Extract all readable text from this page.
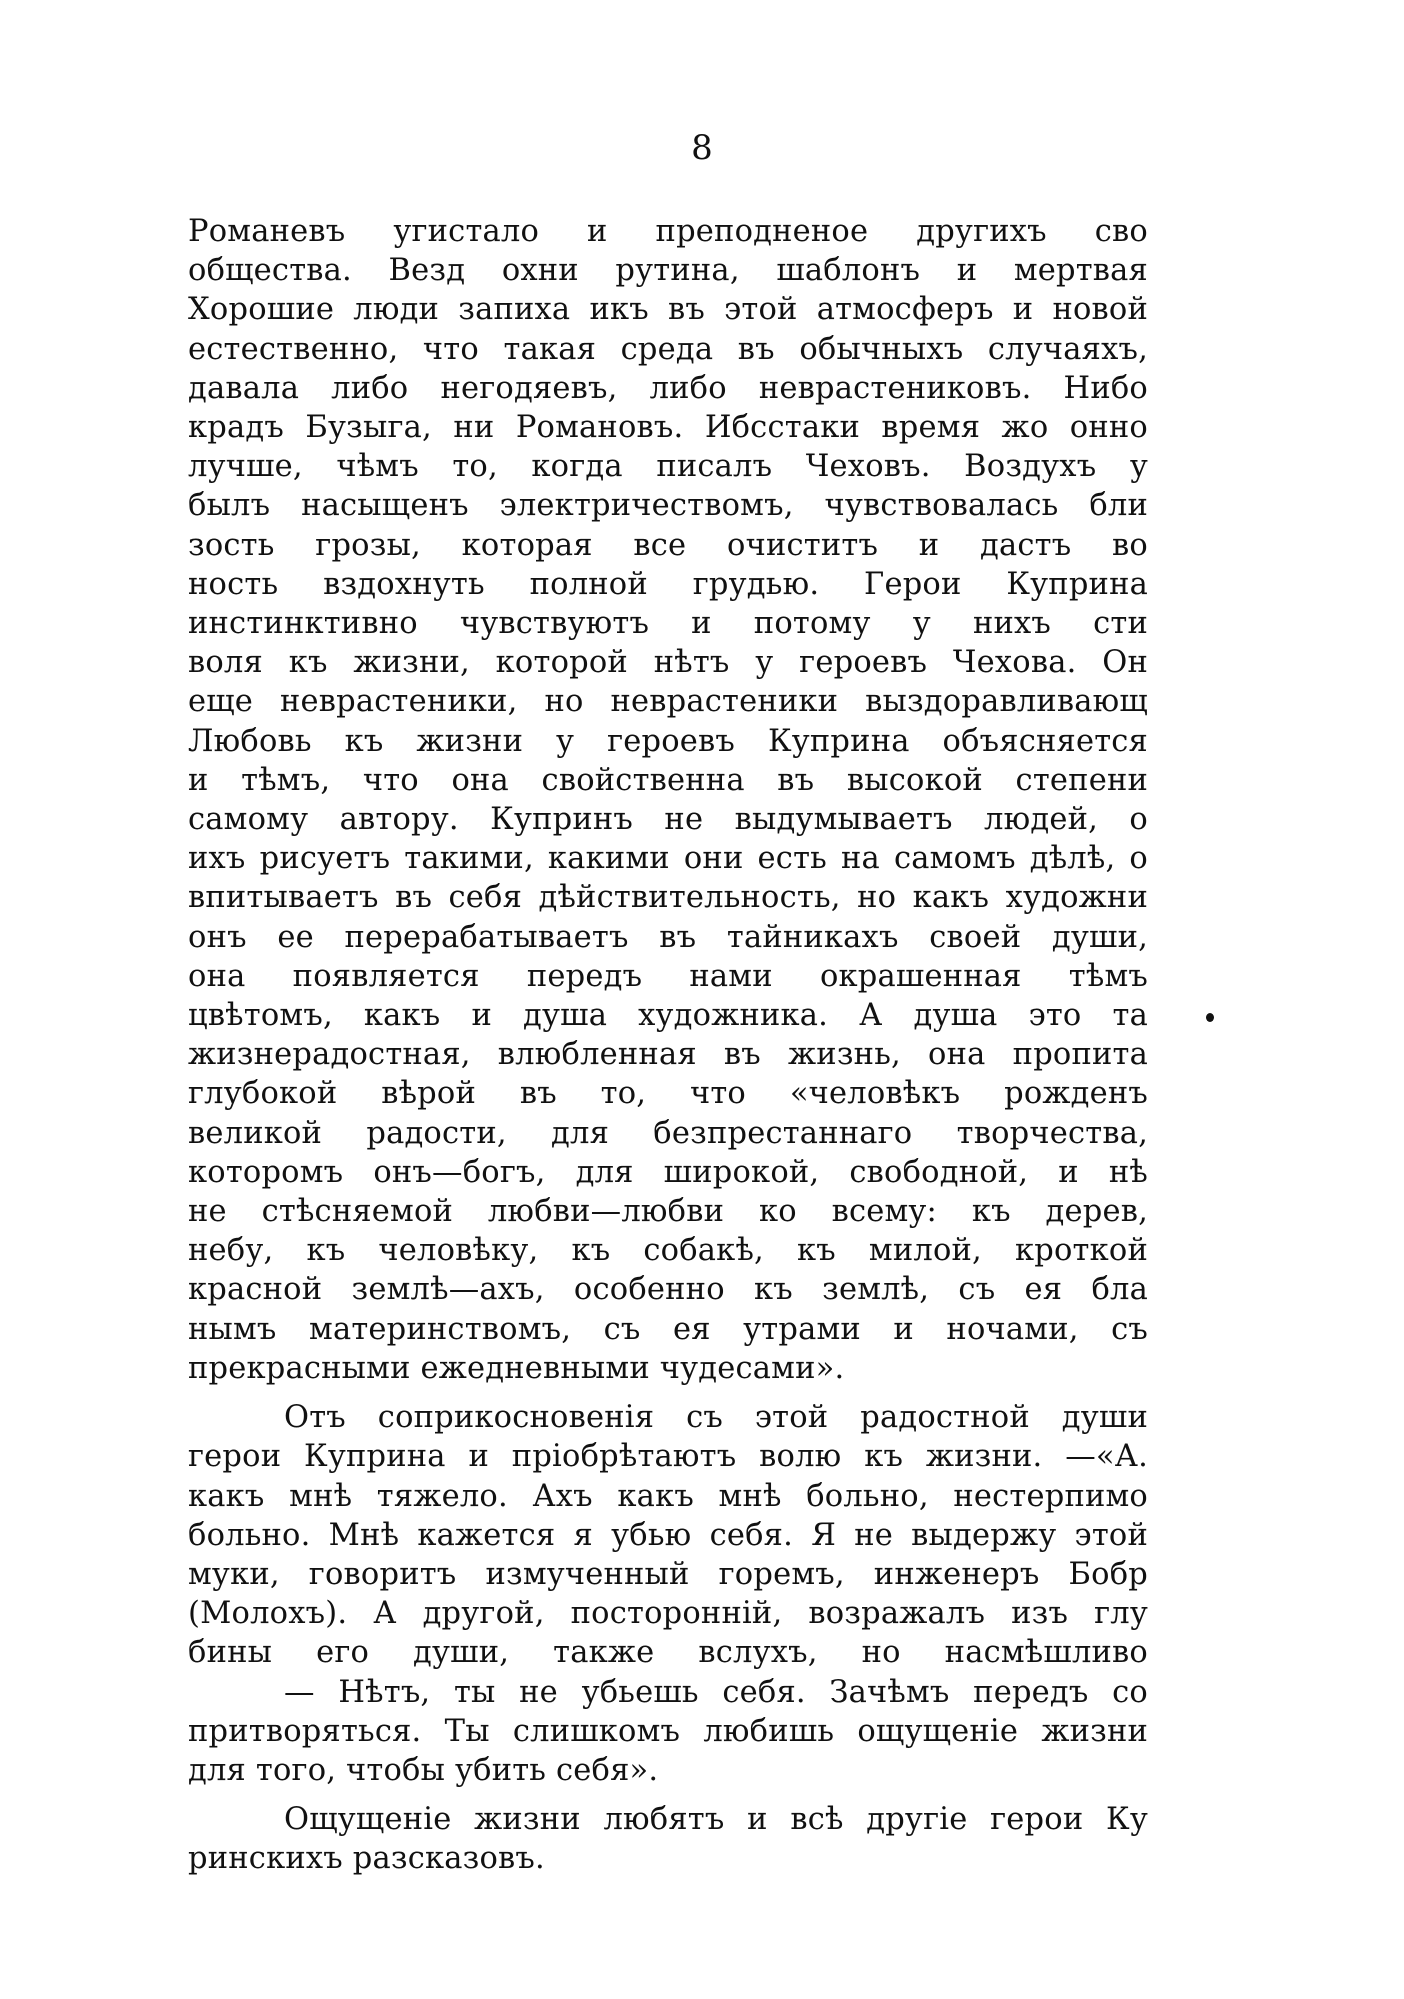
8
Романевъ угистало и преподненое другихъ сво
общества. Везд охни рутина, шаблонъ и мертвая
Хорошие люди запиха икъ въ этой атмосферъ и новой
естественно, что такая среда въ обычныхъ случаяхъ,
давала либо негодяевъ, либо неврастениковъ. Нибо
крадъ Бузыга, ни Романовъ. Ибсстаки время жо онно
лучше, чѣмъ то, когда писалъ Чеховъ. Воздухъ у
былъ насыщенъ электричествомъ, чувствовалась бли
зость грозы, которая все очиститъ и дастъ во
ность вздохнуть полной грудью. Герои Куприна
инстинктивно чувствуютъ и потому у нихъ сти
воля къ жизни, которой нѣтъ у героевъ Чехова. Он
еще неврастеники, но неврастеники выздоравливающ
Любовь къ жизни у героевъ Куприна объясняется
и тѣмъ, что она свойственна въ высокой степени
самому автору. Купринъ не выдумываетъ людей, о
ихъ рисуетъ такими, какими они есть на самомъ дѣлѣ, о
впитываетъ въ себя дѣйствительность, но какъ художни
онъ ее перерабатываетъ въ тайникахъ своей души,
она появляется передъ нами окрашенная тѣмъ
цвѣтомъ, какъ и душа художника. А душа это та
жизнерадостная, влюбленная въ жизнь, она пропита
глубокой вѣрой въ то, что «человѣкъ рожденъ
великой радости, для безпрестаннаго творчества,
которомъ онъ—богъ, для широкой, свободной, и нѣ
не стѣсняемой любви—любви ко всему: къ дерев,
небу, къ человѣку, къ собакѣ, къ милой, кроткой
красной землѣ—ахъ, особенно къ землѣ, съ ея бла
нымъ материнствомъ, съ ея утрами и ночами, съ
прекрасными ежедневными чудесами».
Отъ соприкосновенія съ этой радостной души
герои Куприна и пріобрѣтаютъ волю къ жизни. —«А.
какъ мнѣ тяжело. Ахъ какъ мнѣ больно, нестерпимо
больно. Мнѣ кажется я убью себя. Я не выдержу этой
муки, говоритъ измученный горемъ, инженеръ Бобр
(Молохъ). А другой, посторонній, возражалъ изъ глу
бины его души, также вслухъ, но насмѣшливо
— Нѣтъ, ты не убьешь себя. Зачѣмъ передъ со
притворяться. Ты слишкомъ любишь ощущеніе жизни
для того, чтобы убить себя».
Ощущеніе жизни любятъ и всѣ другіе герои Ку
ринскихъ разсказовъ.
